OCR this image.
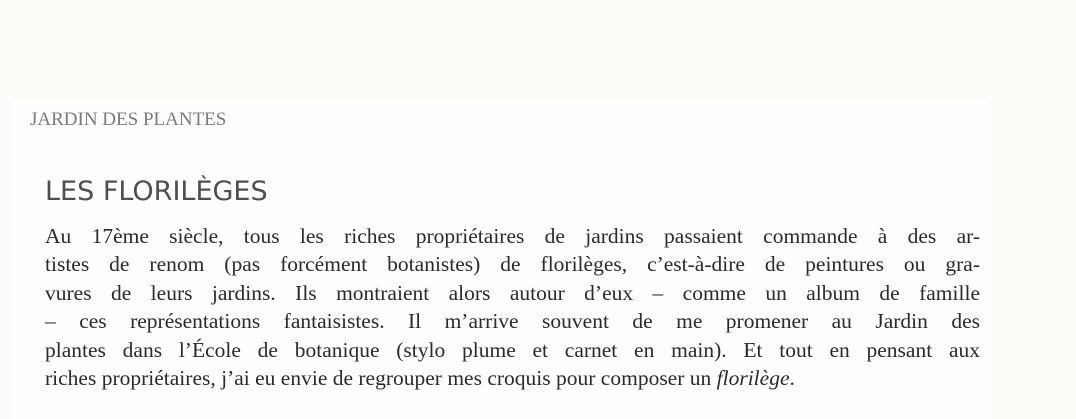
JARDIN DES PLANTES
LES FLORILÈGES
Au 17ème siècle, tous les riches propriétaires de jardins passaient commande à des ar-
tistes de renom (pas forcément botanistes) de florilèges, c’est-à-dire de peintures ou gra-
vures de leurs jardins. Ils montraient alors autour d’eux – comme un album de famille
– ces représentations fantaisistes. Il m’arrive souvent de me promener au Jardin des
plantes dans l’École de botanique (stylo plume et carnet en main). Et tout en pensant aux
riches propriétaires, j’ai eu envie de regrouper mes croquis pour composer un florilège.
